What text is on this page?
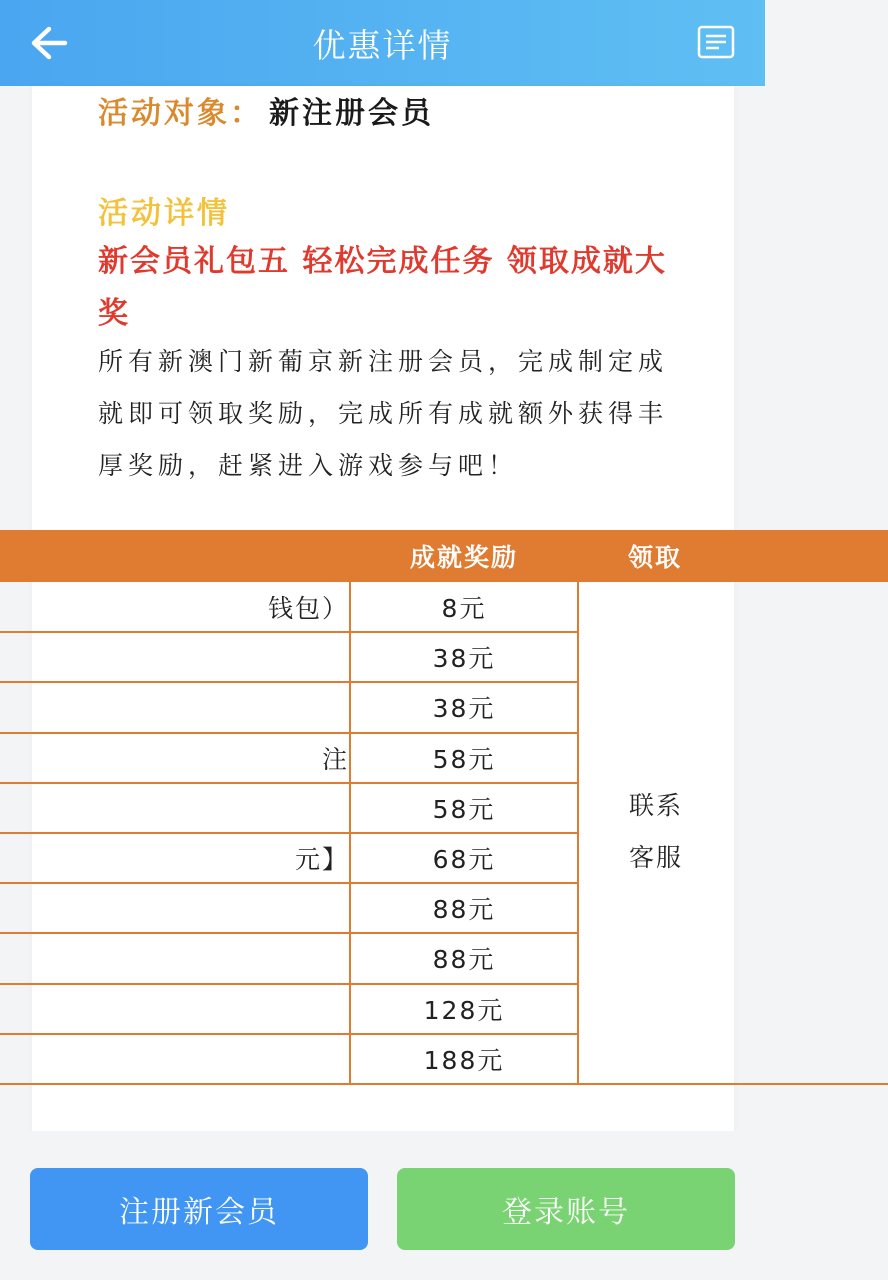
优惠详情
活动对象： 新注册会员
活动详情
新会员礼包五 轻松完成任务 领取成就大奖
所有新澳门新葡京新注册会员，完成制定成就即可领取奖励，完成所有成就额外获得丰厚奖励，赶紧进入游戏参与吧！
	成就奖励	领取
钱包）	8元	联系客服

	38元	
	38元	
注	58元	
	58元	
元】	68元	
	88元	
	88元	
	128元	
	188元	
注册新会员	登录账号
